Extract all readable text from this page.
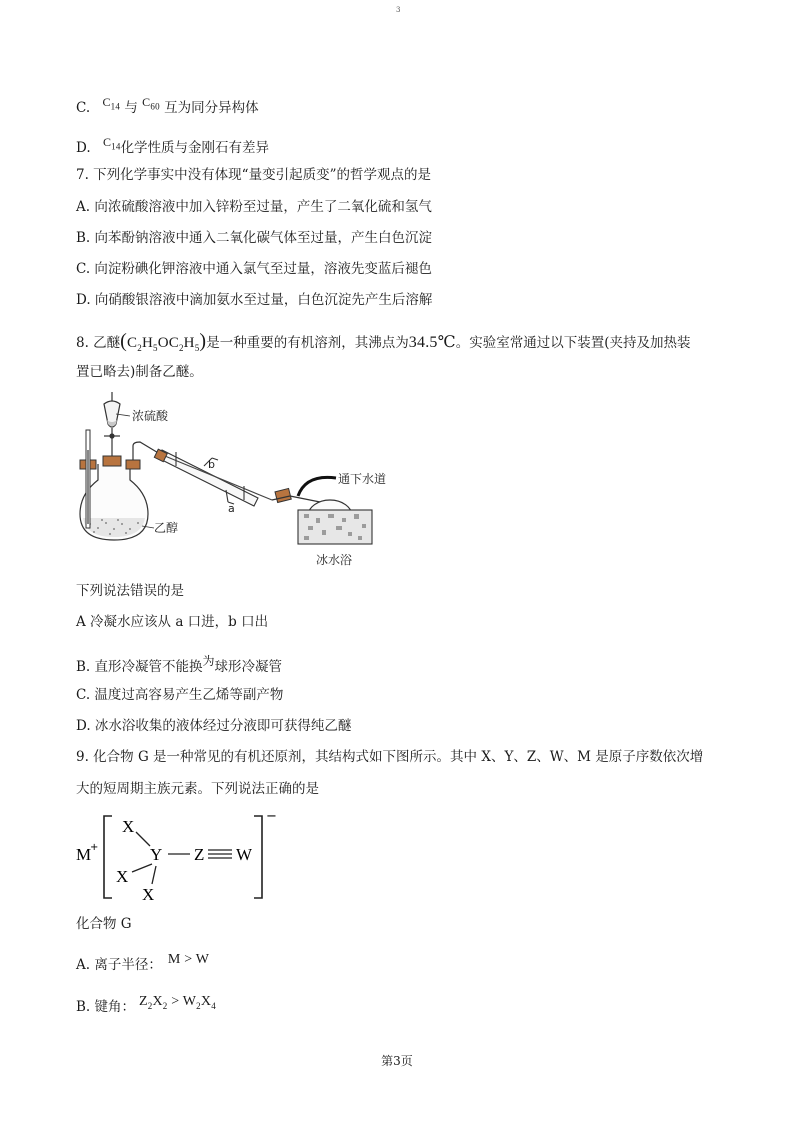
3
C. $C_{14}$ 与 $C_{60}$ 互为同分异构体
D. $C_{14}$化学性质与金刚石有差异
7. 下列化学事实中没有体现“量变引起质变”的哲学观点的是
A. 向浓硫酸溶液中加入锌粉至过量，产生了二氧化硫和氢气
B. 向苯酚钠溶液中通入二氧化碳气体至过量，产生白色沉淀
C. 向淀粉碘化钾溶液中通入氯气至过量，溶液先变蓝后褪色
D. 向硝酸银溶液中滴加氨水至过量，白色沉淀先产生后溶解
8. 乙醚$(C_2H_5OC_2H_5)$是一种重要的有机溶剂，其沸点为34.5℃。实验室常通过以下装置(夹持及加热装
置已略去)制备乙醚。
浓硫酸
b
a
通下水道
乙醇
冰水浴
下列说法错误的是
A 冷凝水应该从 a 口进，b 口出
B. 直形冷凝管不能换为球形冷凝管
C. 温度过高容易产生乙烯等副产物
D. 冰水浴收集的液体经过分液即可获得纯乙醚
9. 化合物 G 是一种常见的有机还原剂，其结构式如下图所示。其中 X、Y、Z、W、M 是原子序数依次增
大的短周期主族元素。下列说法正确的是
M
+
−
X
Y Z W
X
X
化合物 G
A. 离子半径： M > W
B. 键角： $Z_2X_2 > W_2X_4$
第3页
